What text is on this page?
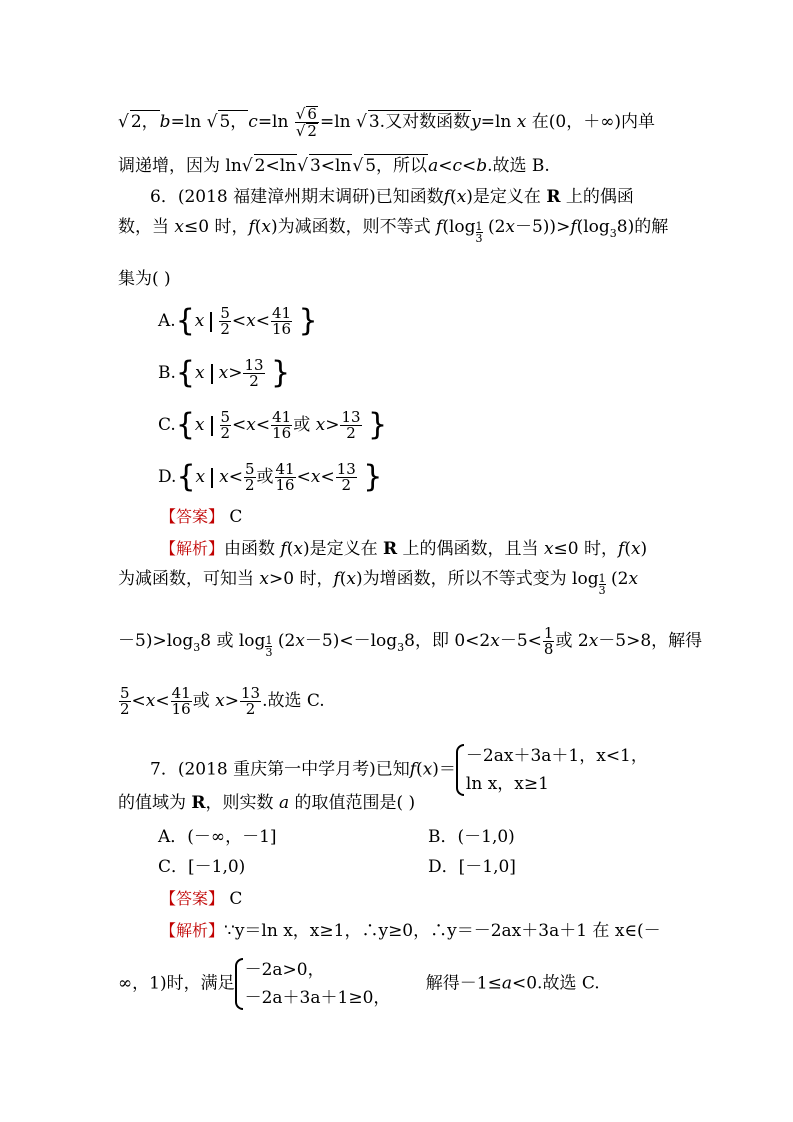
√ 2，b=ln √ 5，$c=\ln \frac{√ 6}{√ 2} =\ln$ √ 3.又对数函数y=ln x 在(0，＋∞)内单
调递增，因为 ln√ 2<ln√ 3<ln√ 5，所以a<c<b.故选 B.
6．(2018 福建漳州期末调研)已知函数f(x)是定义在 R 上的偶函
数，当 x≤0 时，f(x)为减函数，则不等式 $f(\log \frac{1}{3} (2x-5))>f(\log_38)$的解
集为( )
$A.\{x \frac{5}{2} <x< \frac{41}{16}$ }
B.{x $x> \frac{13}{2}$ }
$C.\{x \frac{5}{2} <x< \frac{41}{16}$ 或 $x> \frac{13}{2}$ }
D.{x $x< \frac{5}{2}$ 或 $\frac{41}{16} <x< \frac{13}{2}$ }
【答案】 C
【解析】由函数 f(x)是定义在 R 上的偶函数，且当 x≤0 时，f(x)
为减函数，可知当 x>0 时，f(x)为增函数，所以不等式变为 $\log \frac{1}{3} (2x$
$-5)>\log_38$ 或 $\log \frac{1}{3} (2x-5)<-\log_38$，即 $0<2x-5< \frac{1}{8}$ 或 2x－5>8，解得
$\frac{5}{2} <x< \frac{41}{16}$ 或 $x> \frac{13}{2}$ .故选 C.
7．(2018 重庆第一中学月考)已知f(x)＝
－2ax＋3a＋1，x<1，
ln x，x≥1
的值域为 R，则实数 a 的取值范围是( )
A．(－∞，－1]	B．(－1,0)
C．[－1,0)	D．[－1,0]
【答案】 C
【解析】∵y＝ln x，x≥1，∴y≥0，∴y＝－2ax＋3a＋1 在 x∈(－
∞，1)时，满足
－2a>0，
－2a＋3a＋1≥0，
解得－1≤a<0.故选 C.
